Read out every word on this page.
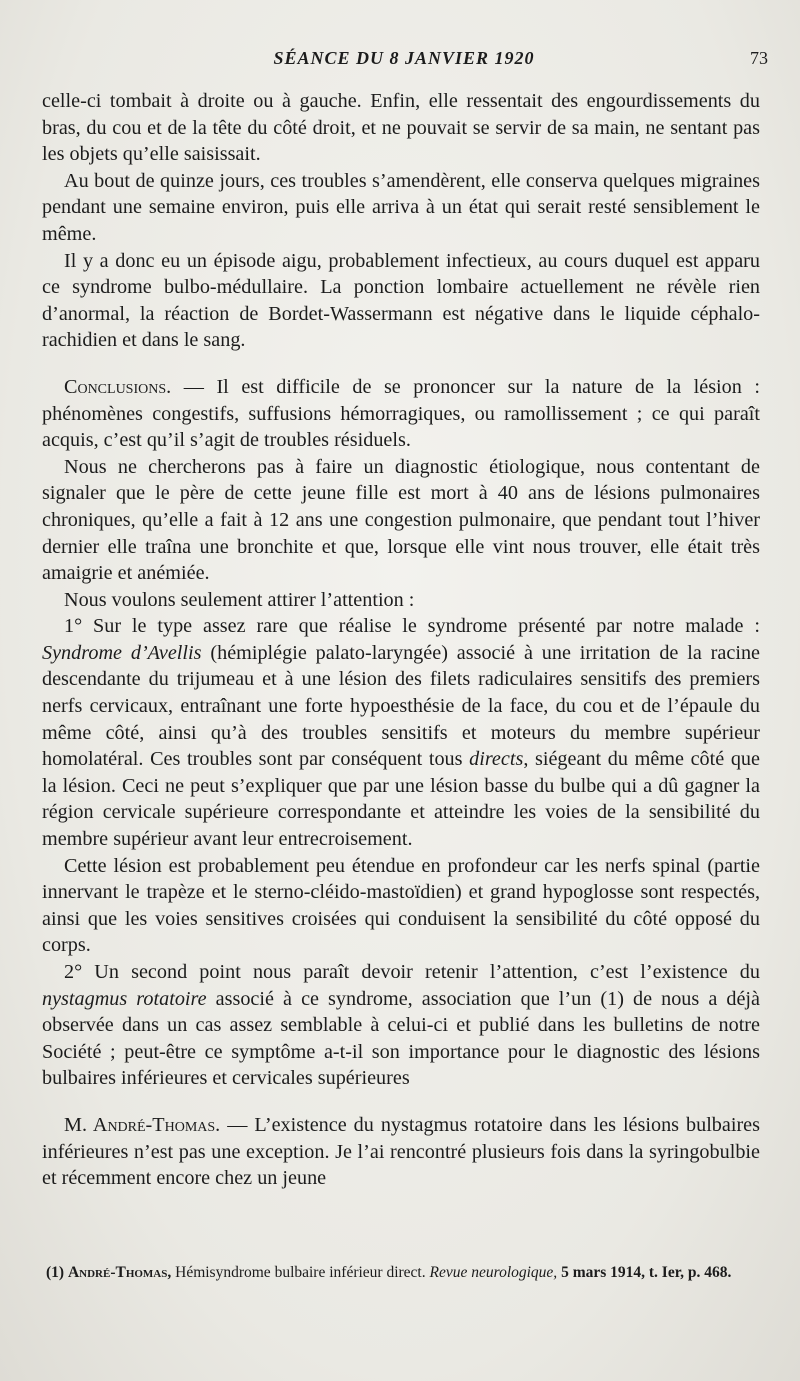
SÉANCE DU 8 JANVIER 1920	73

celle-ci tombait à droite ou à gauche. Enfin, elle ressentait des engourdissements du bras, du cou et de la tête du côté droit, et ne pouvait se servir de sa main, ne sentant pas les objets qu’elle saisissait.

Au bout de quinze jours, ces troubles s’amendèrent, elle conserva quelques migraines pendant une semaine environ, puis elle arriva à un état qui serait resté sensiblement le même.

Il y a donc eu un épisode aigu, probablement infectieux, au cours duquel est apparu ce syndrome bulbo-médullaire. La ponction lombaire actuellement ne révèle rien d’anormal, la réaction de Bordet-Wassermann est négative dans le liquide céphalo-rachidien et dans le sang.

Conclusions. — Il est difficile de se prononcer sur la nature de la lésion : phénomènes congestifs, suffusions hémorragiques, ou ramollissement ; ce qui paraît acquis, c’est qu’il s’agit de troubles résiduels.

Nous ne chercherons pas à faire un diagnostic étiologique, nous contentant de signaler que le père de cette jeune fille est mort à 40 ans de lésions pulmonaires chroniques, qu’elle a fait à 12 ans une congestion pulmonaire, que pendant tout l’hiver dernier elle traîna une bronchite et que, lorsque elle vint nous trouver, elle était très amaigrie et anémiée.

Nous voulons seulement attirer l’attention :

1° Sur le type assez rare que réalise le syndrome présenté par notre malade : Syndrome d’Avellis (hémiplégie palato-laryngée) associé à une irritation de la racine descendante du trijumeau et à une lésion des filets radiculaires sensitifs des premiers nerfs cervicaux, entraînant une forte hypoesthésie de la face, du cou et de l’épaule du même côté, ainsi qu’à des troubles sensitifs et moteurs du membre supérieur homolatéral. Ces troubles sont par conséquent tous directs, siégeant du même côté que la lésion. Ceci ne peut s’expliquer que par une lésion basse du bulbe qui a dû gagner la région cervicale supérieure correspondante et atteindre les voies de la sensibilité du membre supérieur avant leur entrecroisement.

Cette lésion est probablement peu étendue en profondeur car les nerfs spinal (partie innervant le trapèze et le sterno-cléido-mastoïdien) et grand hypoglosse sont respectés, ainsi que les voies sensitives croisées qui conduisent la sensibilité du côté opposé du corps.

2° Un second point nous paraît devoir retenir l’attention, c’est l’existence du nystagmus rotatoire associé à ce syndrome, association que l’un (1) de nous a déjà observée dans un cas assez semblable à celui-ci et publié dans les bulletins de notre Société ; peut-être ce symptôme a-t-il son importance pour le diagnostic des lésions bulbaires inférieures et cervicales supérieures

M. André-Thomas. — L’existence du nystagmus rotatoire dans les lésions bulbaires inférieures n’est pas une exception. Je l’ai rencontré plusieurs fois dans la syringobulbie et récemment encore chez un jeune

(1) André-Thomas, Hémisyndrome bulbaire inférieur direct. Revue neurologique, 5 mars 1914, t. Ier, p. 468.
